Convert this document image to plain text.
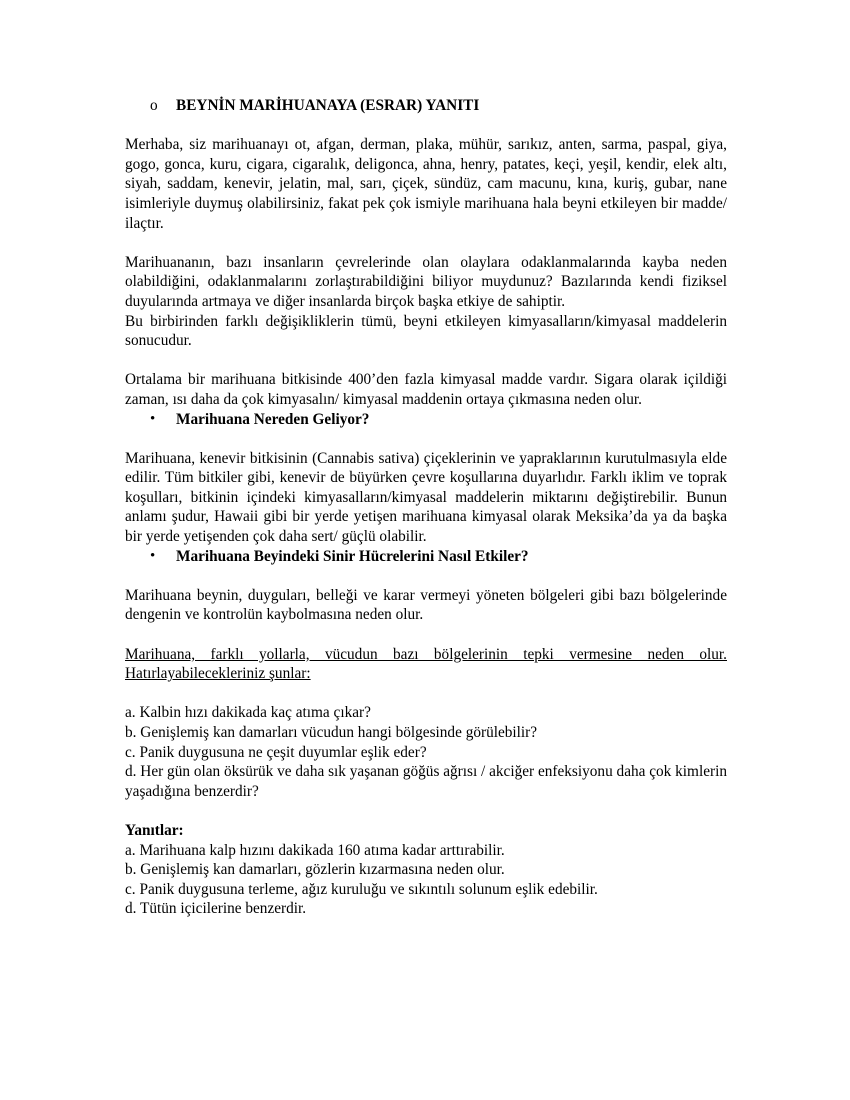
o BEYNİN MARİHUANAYA (ESRAR) YANITI

Merhaba, siz marihuanayı ot, afgan, derman, plaka, mühür, sarıkız, anten, sarma, paspal, giya, gogo, gonca, kuru, cigara, cigaralık, deligonca, ahna, henry, patates, keçi, yeşil, kendir, elek altı, siyah, saddam, kenevir, jelatin, mal, sarı, çiçek, sündüz, cam macunu, kına, kuriş, gubar, nane isimleriyle duymuş olabilirsiniz, fakat pek çok ismiyle marihuana hala beyni etkileyen bir madde/ ilaçtır.

Marihuananın, bazı insanların çevrelerinde olan olaylara odaklanmalarında kayba neden olabildiğini, odaklanmalarını zorlaştırabildiğini biliyor muydunuz? Bazılarında kendi fiziksel duyularında artmaya ve diğer insanlarda birçok başka etkiye de sahiptir.

Bu birbirinden farklı değişikliklerin tümü, beyni etkileyen kimyasalların/kimyasal maddelerin sonucudur.

Ortalama bir marihuana bitkisinde 400’den fazla kimyasal madde vardır. Sigara olarak içildiği zaman, ısı daha da çok kimyasalın/ kimyasal maddenin ortaya çıkmasına neden olur.

• Marihuana Nereden Geliyor?

Marihuana, kenevir bitkisinin (Cannabis sativa) çiçeklerinin ve yapraklarının kurutulmasıyla elde edilir. Tüm bitkiler gibi, kenevir de büyürken çevre koşullarına duyarlıdır. Farklı iklim ve toprak koşulları, bitkinin içindeki kimyasalların/kimyasal maddelerin miktarını değiştirebilir. Bunun anlamı şudur, Hawaii gibi bir yerde yetişen marihuana kimyasal olarak Meksika’da ya da başka bir yerde yetişenden çok daha sert/ güçlü olabilir.

• Marihuana Beyindeki Sinir Hücrelerini Nasıl Etkiler?

Marihuana beynin, duyguları, belleği ve karar vermeyi yöneten bölgeleri gibi bazı bölgelerinde dengenin ve kontrolün kaybolmasına neden olur.

Marihuana, farklı yollarla, vücudun bazı bölgelerinin tepki vermesine neden olur. Hatırlayabilecekleriniz şunlar:

a. Kalbin hızı dakikada kaç atıma çıkar?

b. Genişlemiş kan damarları vücudun hangi bölgesinde görülebilir?

c. Panik duygusuna ne çeşit duyumlar eşlik eder?

d. Her gün olan öksürük ve daha sık yaşanan göğüs ağrısı / akciğer enfeksiyonu daha çok kimlerin yaşadığına benzerdir?

Yanıtlar:

a. Marihuana kalp hızını dakikada 160 atıma kadar arttırabilir.

b. Genişlemiş kan damarları, gözlerin kızarmasına neden olur.

c. Panik duygusuna terleme, ağız kuruluğu ve sıkıntılı solunum eşlik edebilir.

d. Tütün içicilerine benzerdir.
